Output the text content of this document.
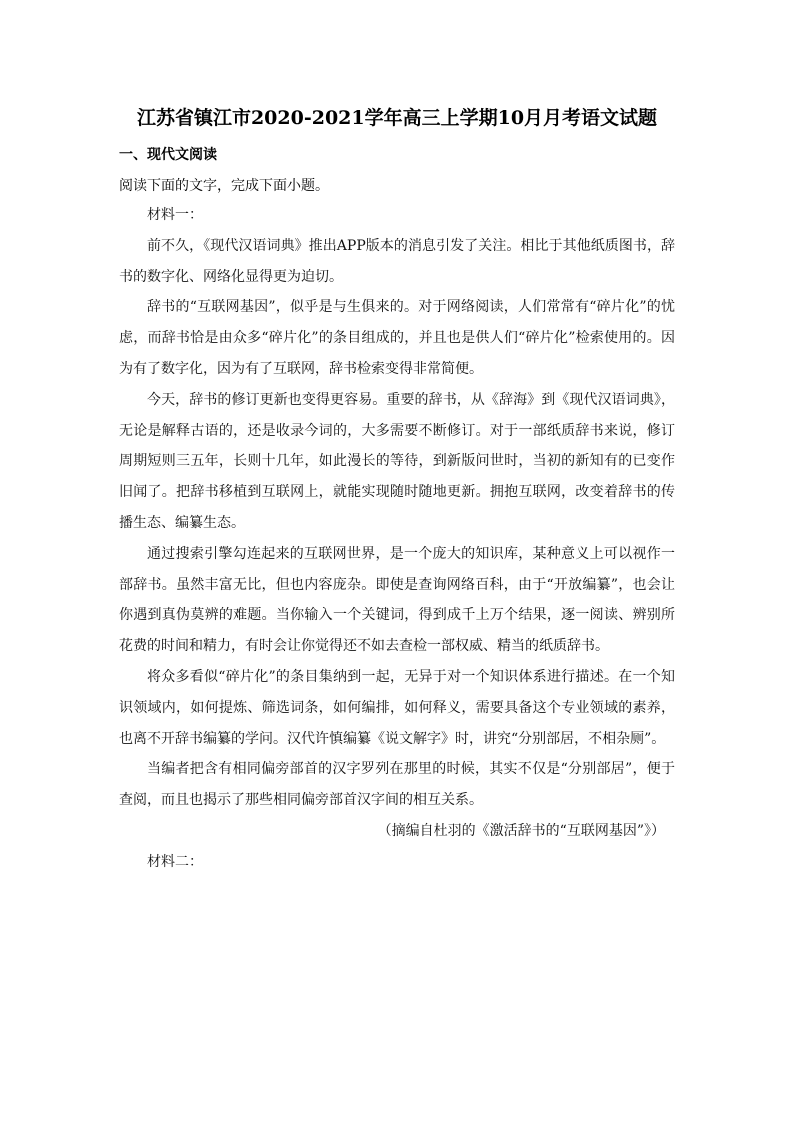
江苏省镇江市2020-2021学年高三上学期10月月考语文试题
一、现代文阅读
阅读下面的文字，完成下面小题。
材料一：

前不久，《现代汉语词典》推出APP版本的消息引发了关注。相比于其他纸质图书，辞书的数字化、网络化显得更为迫切。

辞书的“互联网基因”，似乎是与生俱来的。对于网络阅读，人们常常有“碎片化”的忧虑，而辞书恰是由众多“碎片化”的条目组成的，并且也是供人们“碎片化”检索使用的。因为有了数字化，因为有了互联网，辞书检索变得非常简便。

今天，辞书的修订更新也变得更容易。重要的辞书，从《辞海》到《现代汉语词典》，无论是解释古语的，还是收录今词的，大多需要不断修订。对于一部纸质辞书来说，修订周期短则三五年，长则十几年，如此漫长的等待，到新版问世时，当初的新知有的已变作旧闻了。把辞书移植到互联网上，就能实现随时随地更新。拥抱互联网，改变着辞书的传播生态、编纂生态。

通过搜索引擎勾连起来的互联网世界，是一个庞大的知识库，某种意义上可以视作一部辞书。虽然丰富无比，但也内容庞杂。即使是查询网络百科，由于“开放编纂”，也会让你遇到真伪莫辨的难题。当你输入一个关键词，得到成千上万个结果，逐一阅读、辨别所花费的时间和精力，有时会让你觉得还不如去查检一部权威、精当的纸质辞书。

将众多看似“碎片化”的条目集纳到一起，无异于对一个知识体系进行描述。在一个知识领域内，如何提炼、筛选词条，如何编排，如何释义，需要具备这个专业领域的素养，也离不开辞书编纂的学问。汉代许慎编纂《说文解字》时，讲究“分别部居，不相杂厕”。

当编者把含有相同偏旁部首的汉字罗列在那里的时候，其实不仅是“分别部居”，便于查阅，而且也揭示了那些相同偏旁部首汉字间的相互关系。

（摘编自杜羽的《激活辞书的“互联网基因”》）
材料二：
